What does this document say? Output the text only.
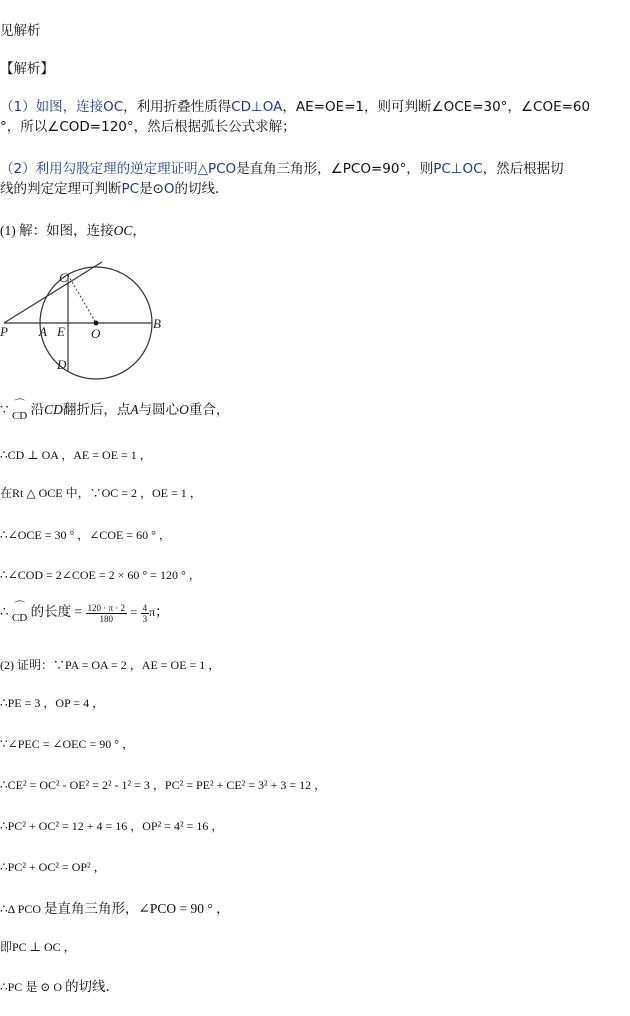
见解析
【解析】
（1）如图，连接OC，利用折叠性质得CD⊥OA，AE=OE=1，则可判断∠OCE=30°，∠COE=60
°，所以∠COD=120°，然后根据弧长公式求解；
（2）利用勾股定理的逆定理证明△PCO是直角三角形，∠PCO=90°，则PC⊥OC，然后根据切
线的判定定理可判断PC是⊙O的切线．
(1) 解：如图，连接OC，
C
P A E O
B
D
∵ ⌒
CD 沿CD翻折后，点A与圆心O重合，
∴CD ⊥ OA ，AE = OE = 1 ，
在Rt △ OCE 中，∵OC = 2 ，OE = 1 ，
∴∠OCE = 30 ° ，∠COE = 60 ° ，
∴∠COD = 2∠COE = 2 × 60 ° = 120 ° ，
∴ ⌒
CD 的长度 = $\frac{120 \cdot \pi \cdot 2}{180} = \frac{4}{3}$ π；
(2) 证明：∵PA = OA = 2 ，AE = OE = 1 ，
∴PE = 3 ，OP = 4 ，
∵∠PEC = ∠OEC = 90 ° ，
∴CE² = OC² - OE² = 2² - 1² = 3 ，PC² = PE² + CE² = 3² + 3 = 12 ，
∴PC² + OC² = 12 + 4 = 16 ，OP² = 4² = 16 ，
∴PC² + OC² = OP² ，
∴Δ PCO 是直角三角形，∠PCO = 90 ° ，
即PC ⊥ OC ，
∴PC 是 ⊙ O 的切线．
